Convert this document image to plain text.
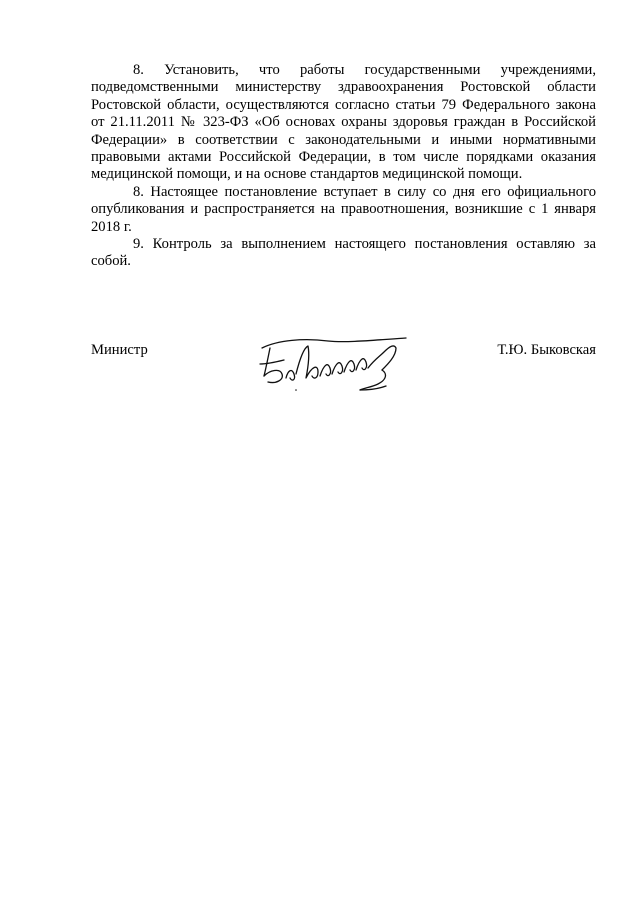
8. Установить, что работы государственными учреждениями, подведомственными министерству здравоохранения Ростовской области Ростовской области, осуществляются согласно статьи 79 Федерального закона от 21.11.2011 № 323-ФЗ «Об основах охраны здоровья граждан в Российской Федерации» в соответствии с законодательными и иными нормативными правовыми актами Российской Федерации, в том числе порядками оказания медицинской помощи, и на основе стандартов медицинской помощи.

8. Настоящее постановление вступает в силу со дня его официального опубликования и распространяется на правоотношения, возникшие с 1 января 2018 г.

9. Контроль за выполнением настоящего постановления оставляю за собой.

Министр	Т.Ю. Быковская
